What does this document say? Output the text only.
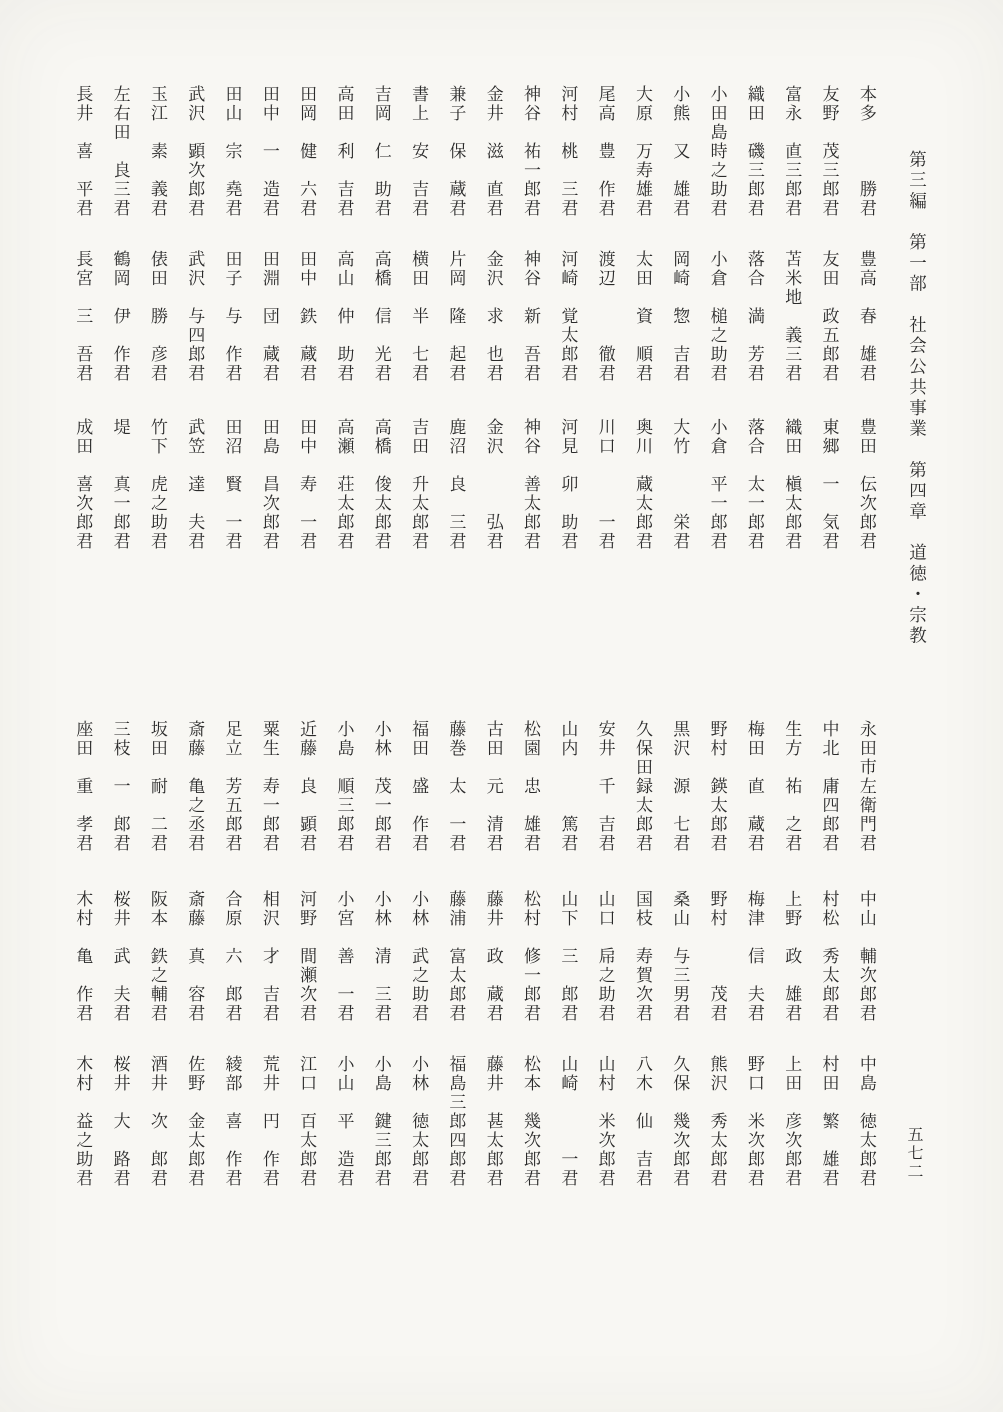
第三編　第一部　社会公共事業　第四章　道徳・宗教
本多　　　勝君
友野　茂三郎君
富永　直三郎君
織田　磯三郎君
小田島時之助君
小熊　又　雄君
大原　万寿雄君
尾高　豊　作君
河村　桃　三君
神谷　祐一郎君
金井　滋　直君
兼子　保　蔵君
書上　安　吉君
吉岡　仁　助君
高田　利　吉君
田岡　健　六君
田中　一　造君
田山　宗　堯君
武沢　顕次郎君
玉江　素　義君
左右田　良三君
長井　喜　平君
豊高　春　雄君
友田　政五郎君
苫米地　義三君
落合　満　芳君
小倉　槌之助君
岡崎　惣　吉君
太田　資　順君
渡辺　　　徹君
河崎　覚太郎君
神谷　新　吾君
金沢　求　也君
片岡　隆　起君
横田　半　七君
高橋　信　光君
高山　仲　助君
田中　鉄　蔵君
田淵　団　蔵君
田子　与　作君
武沢　与四郎君
俵田　勝　彦君
鶴岡　伊　作君
長宮　三　吾君
豊田　伝次郎君
東郷　一　気君
織田　槇太郎君
落合　太一郎君
小倉　平一郎君
大竹　　　栄君
奥川　蔵太郎君
川口　　　一君
河見　卯　助君
神谷　善太郎君
金沢　　　弘君
鹿沼　良　三君
吉田　升太郎君
高橋　俊太郎君
高瀬　荘太郎君
田中　寿　一君
田島　昌次郎君
田沼　賢　一君
武笠　達　夫君
竹下　虎之助君
堤　　真一郎君
成田　喜次郎君
永田市左衛門君
中北　庸四郎君
生方　祐　之君
梅田　直　蔵君
野村　鍈太郎君
黒沢　源　七君
久保田録太郎君
安井　千　吉君
山内　　　篤君
松園　忠　雄君
古田　元　清君
藤巻　太　一君
福田　盛　作君
小林　茂一郎君
小島　順三郎君
近藤　良　顕君
粟生　寿一郎君
足立　芳五郎君
斎藤　亀之丞君
坂田　耐　二君
三枝　一　郎君
座田　重　孝君
中山　輔次郎君
村松　秀太郎君
上野　政　雄君
梅津　信　夫君
野村　　　茂君
桑山　与三男君
国枝　寿賀次君
山口　帍之助君
山下　三　郎君
松村　修一郎君
藤井　政　蔵君
藤浦　富太郎君
小林　武之助君
小林　清　三君
小宮　善　一君
河野　間瀬次君
相沢　才　吉君
合原　六　郎君
斎藤　真　容君
阪本　鉄之輔君
桜井　武　夫君
木村　亀　作君
中島　徳太郎君
村田　繁　雄君
上田　彦次郎君
野口　米次郎君
熊沢　秀太郎君
久保　幾次郎君
八木　仙　吉君
山村　米次郎君
山崎　　　一君
松本　幾次郎君
藤井　甚太郎君
福島三郎四郎君
小林　徳太郎君
小島　鍵三郎君
小山　平　造君
江口　百太郎君
荒井　円　作君
綾部　喜　作君
佐野　金太郎君
酒井　次　郎君
桜井　大　路君
木村　益之助君	五七二
